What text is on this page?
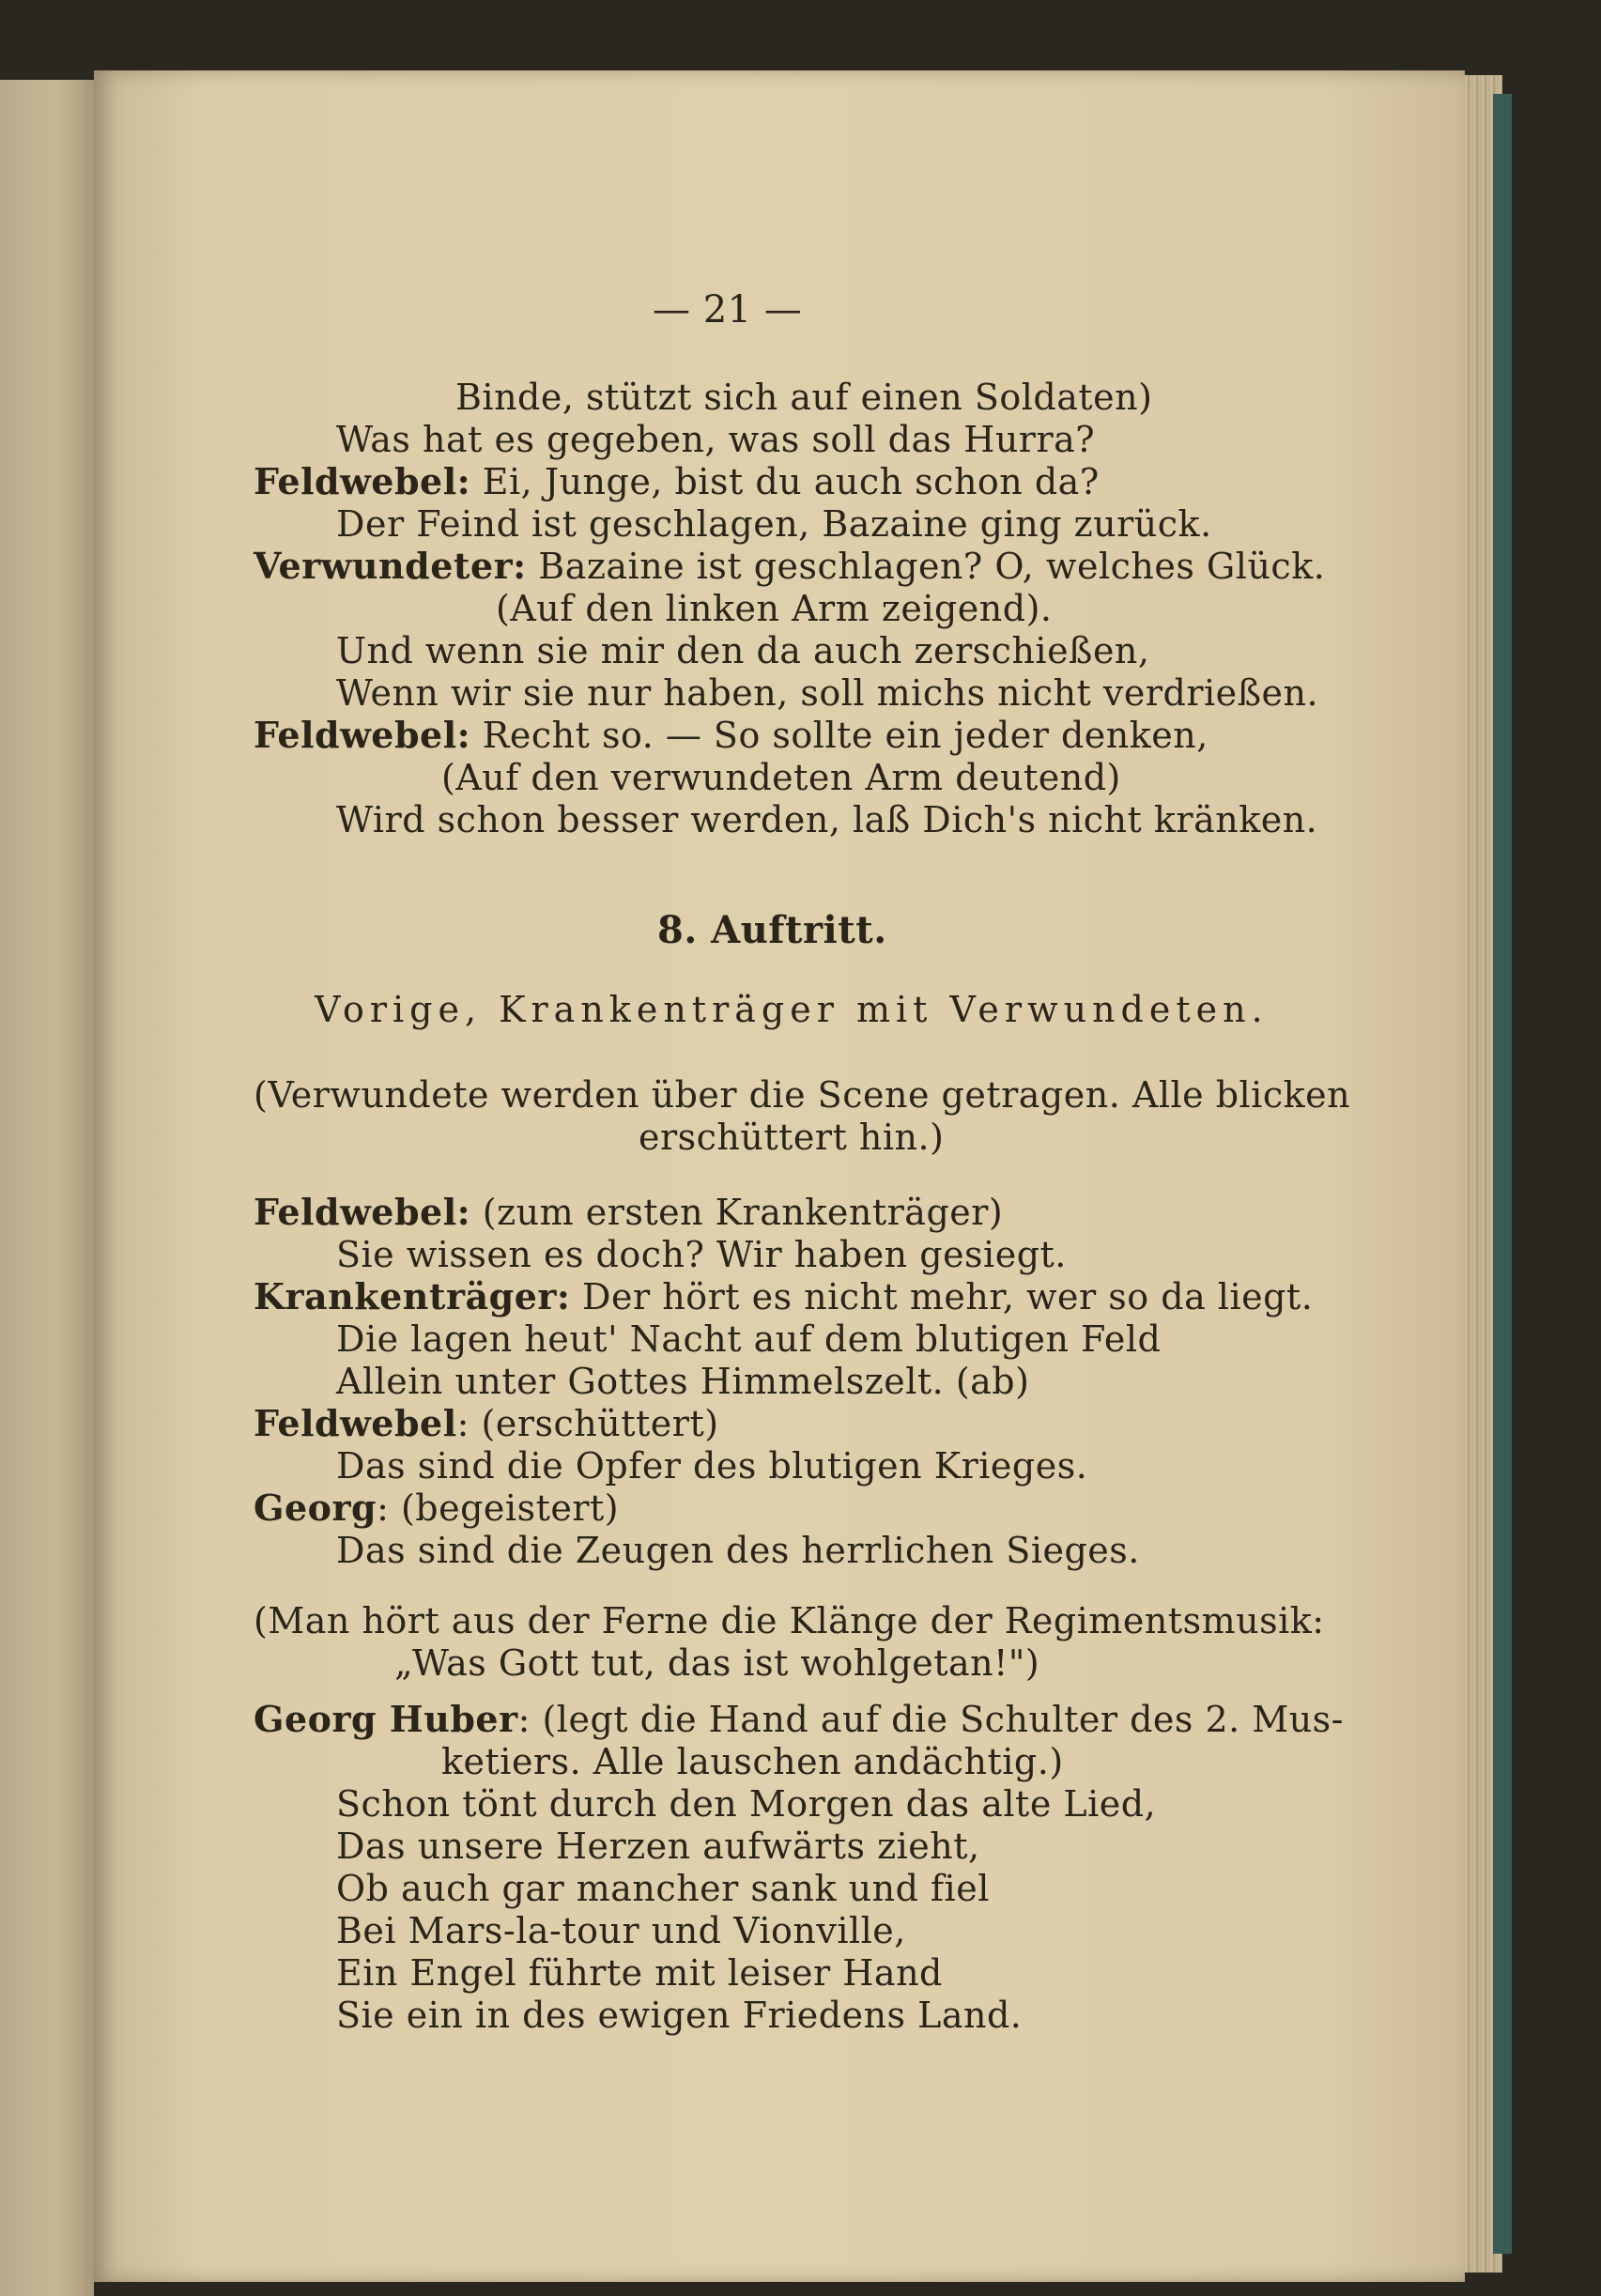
— 21 —
Binde, stützt sich auf einen Soldaten)
Was hat es gegeben, was soll das Hurra?
Feldwebel: Ei, Junge, bist du auch schon da?
Der Feind ist geschlagen, Bazaine ging zurück.
Verwundeter: Bazaine ist geschlagen? O, welches Glück.
(Auf den linken Arm zeigend).
Und wenn sie mir den da auch zerschießen,
Wenn wir sie nur haben, soll michs nicht verdrießen.
Feldwebel: Recht so. — So sollte ein jeder denken,
(Auf den verwundeten Arm deutend)
Wird schon besser werden, laß Dich's nicht kränken.
8. Auftritt.
Vorige, Krankenträger mit Verwundeten.
(Verwundete werden über die Scene getragen. Alle blicken
erschüttert hin.)
Feldwebel: (zum ersten Krankenträger)
Sie wissen es doch? Wir haben gesiegt.
Krankenträger: Der hört es nicht mehr, wer so da liegt.
Die lagen heut' Nacht auf dem blutigen Feld
Allein unter Gottes Himmelszelt. (ab)
Feldwebel: (erschüttert)
Das sind die Opfer des blutigen Krieges.
Georg: (begeistert)
Das sind die Zeugen des herrlichen Sieges.
(Man hört aus der Ferne die Klänge der Regimentsmusik:
„Was Gott tut, das ist wohlgetan!")
Georg Huber: (legt die Hand auf die Schulter des 2. Mus-
ketiers. Alle lauschen andächtig.)
Schon tönt durch den Morgen das alte Lied,
Das unsere Herzen aufwärts zieht,
Ob auch gar mancher sank und fiel
Bei Mars-la-tour und Vionville,
Ein Engel führte mit leiser Hand
Sie ein in des ewigen Friedens Land.
